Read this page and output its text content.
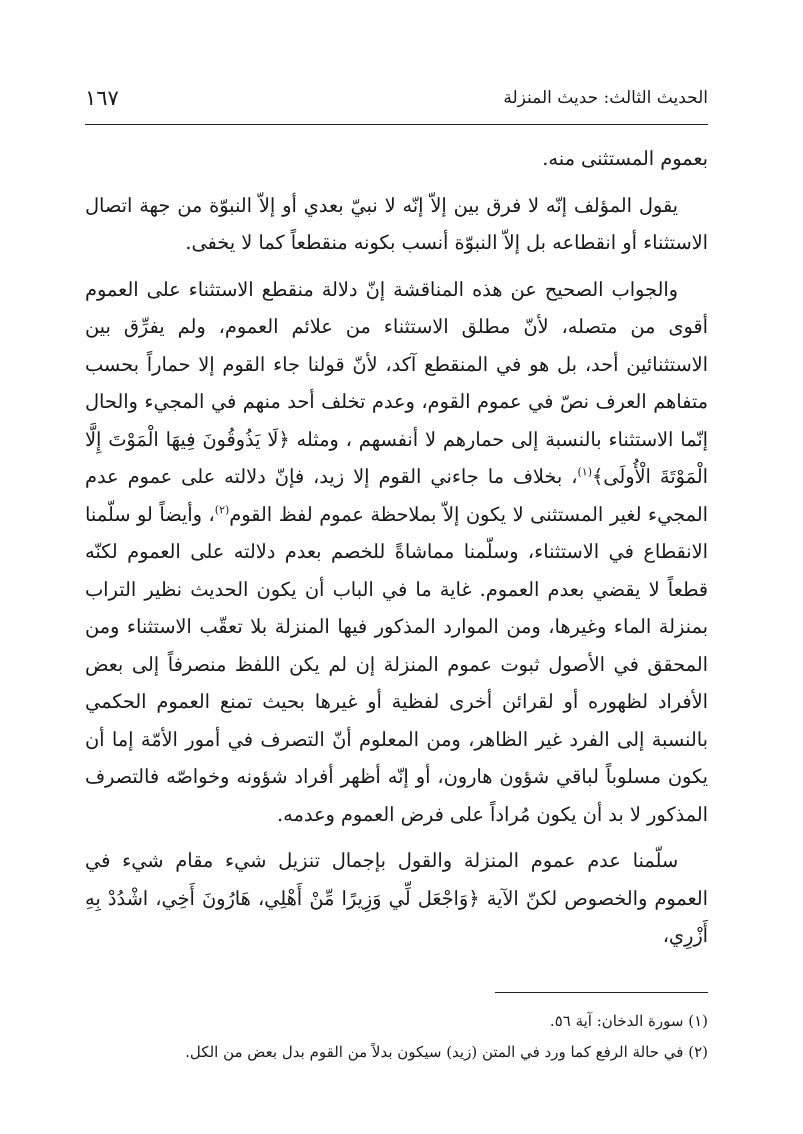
الحديث الثالث: حديث المنزلة
١٦٧

بعموم المستثنى منه.

يقول المؤلف إنّه لا فرق بين إلاّ إنّه لا نبيّ بعدي أو إلاّ النبوّة من جهة اتصال الاستثناء أو انقطاعه بل إلاّ النبوّة أنسب بكونه منقطعاً كما لا يخفى.

والجواب الصحيح عن هذه المناقشة إنّ دلالة منقطع الاستثناء على العموم أقوى من متصله، لأنّ مطلق الاستثناء من علائم العموم، ولم يفرِّق بين الاستثنائين أحد، بل هو في المنقطع آكد، لأنّ قولنا جاء القوم إلا حماراً بحسب متفاهم العرف نصّ في عموم القوم، وعدم تخلف أحد منهم في المجيء والحال إنّما الاستثناء بالنسبة إلى حمارهم لا أنفسهم ، ومثله ﴿لَا يَذُوقُونَ فِيهَا الْمَوْتَ إِلَّا الْمَوْتَةَ الْأُولَى﴾$^{(١)}$، بخلاف ما جاءني القوم إلا زيد، فإنّ دلالته على عموم عدم المجيء لغير المستثنى لا يكون إلاّ بملاحظة عموم لفظ القوم$^{(٢)}$، وأيضاً لو سلّمنا الانقطاع في الاستثناء، وسلّمنا مماشاةً للخصم بعدم دلالته على العموم لكنّه قطعاً لا يقضي بعدم العموم. غاية ما في الباب أن يكون الحديث نظير التراب بمنزلة الماء وغيرها، ومن الموارد المذكور فيها المنزلة بلا تعقّب الاستثناء ومن المحقق في الأصول ثبوت عموم المنزلة إن لم يكن اللفظ منصرفاً إلى بعض الأفراد لظهوره أو لقرائن أخرى لفظية أو غيرها بحيث تمنع العموم الحكمي بالنسبة إلى الفرد غير الظاهر، ومن المعلوم أنّ التصرف في أمور الأمّة إما أن يكون مسلوباً لباقي شؤون هارون، أو إنّه أظهر أفراد شؤونه وخواصّه فالتصرف المذكور لا بد أن يكون مُراداً على فرض العموم وعدمه.

سلّمنا عدم عموم المنزلة والقول بإجمال تنزيل شيء مقام شيء في العموم والخصوص لكنّ الآية ﴿وَاجْعَل لِّي وَزِيرًا مِّنْ أَهْلِي، هَارُونَ أَخِي، اشْدُدْ بِهِ أَزْرِي،

(١) سورة الدخان: آية ٥٦.
(٢) في حالة الرفع كما ورد في المتن (زيد) سيكون بدلاً من القوم بدل بعض من الكل.
